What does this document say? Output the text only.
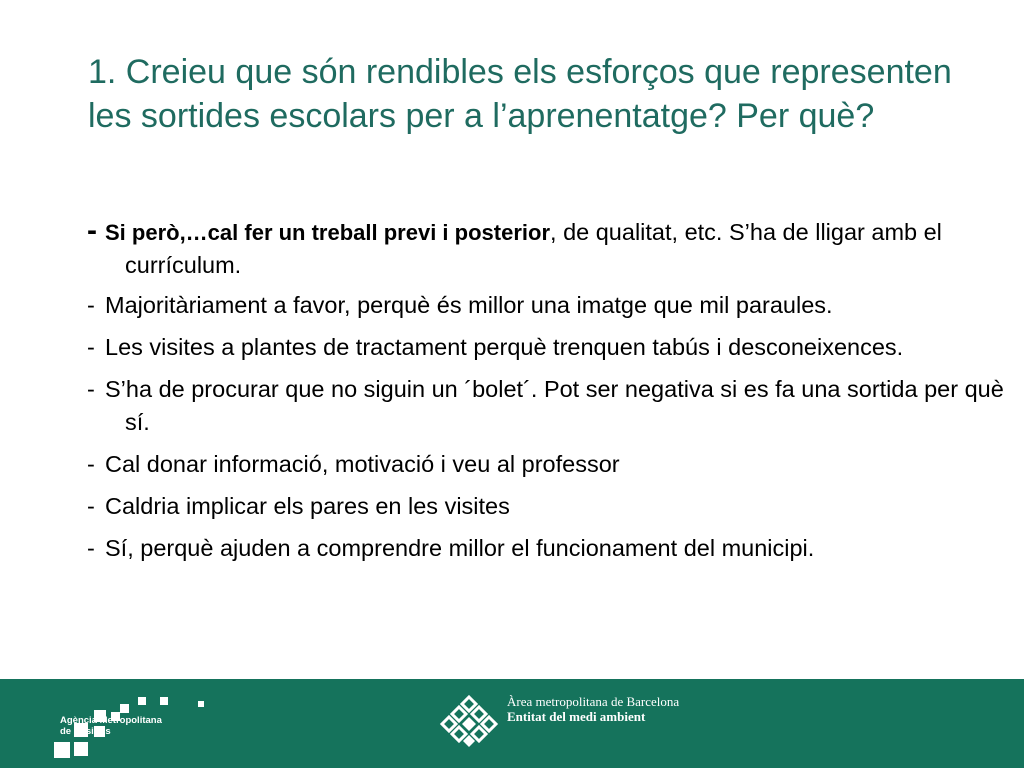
1. Creieu que són rendibles els esforços que representen les sortides escolars per a l’aprenentatge? Per què?
- Si però,…cal fer un treball previ i posterior, de qualitat, etc. S’ha de lligar amb el currículum.
- Majoritàriament a favor, perquè és millor una imatge que mil paraules.
- Les visites a plantes de tractament perquè trenquen tabús i desconeixences.
- S’ha de procurar que no siguin un ´bolet´. Pot ser negativa si es fa una sortida per què sí.
- Cal donar informació, motivació i veu al professor
- Caldria implicar els pares en les visites
- Sí, perquè ajuden a comprendre millor el funcionament del municipi.
Agència Metropolitana
de Residus
Àrea metropolitana de Barcelona
Entitat del medi ambient
